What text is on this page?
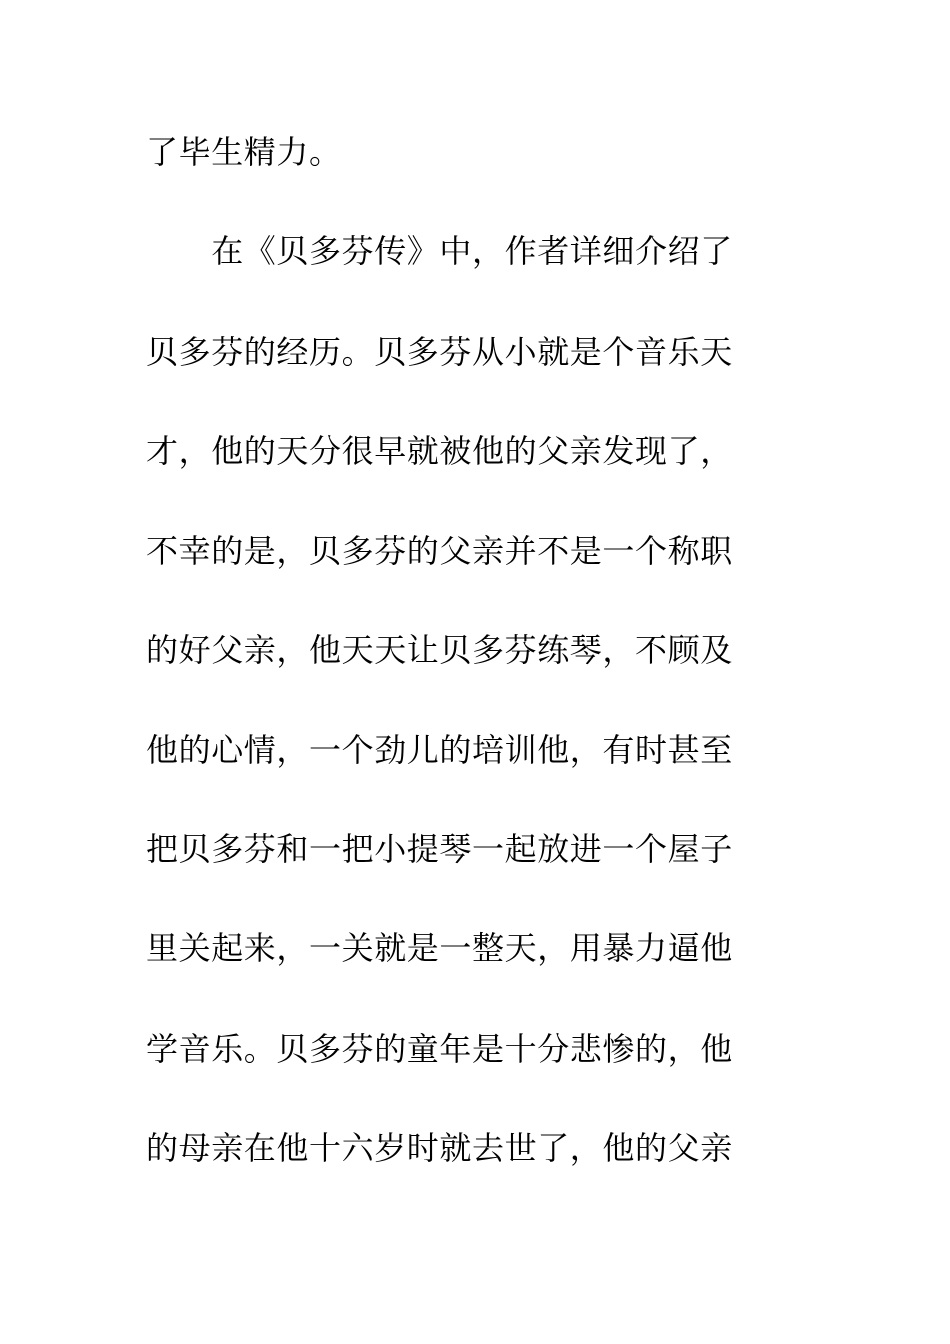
了毕生精力。
　　在《贝多芬传》中，作者详细介绍了
贝多芬的经历。贝多芬从小就是个音乐天
才，他的天分很早就被他的父亲发现了，
不幸的是，贝多芬的父亲并不是一个称职
的好父亲，他天天让贝多芬练琴，不顾及
他的心情，一个劲儿的培训他，有时甚至
把贝多芬和一把小提琴一起放进一个屋子
里关起来，一关就是一整天，用暴力逼他
学音乐。贝多芬的童年是十分悲惨的，他
的母亲在他十六岁时就去世了，他的父亲
